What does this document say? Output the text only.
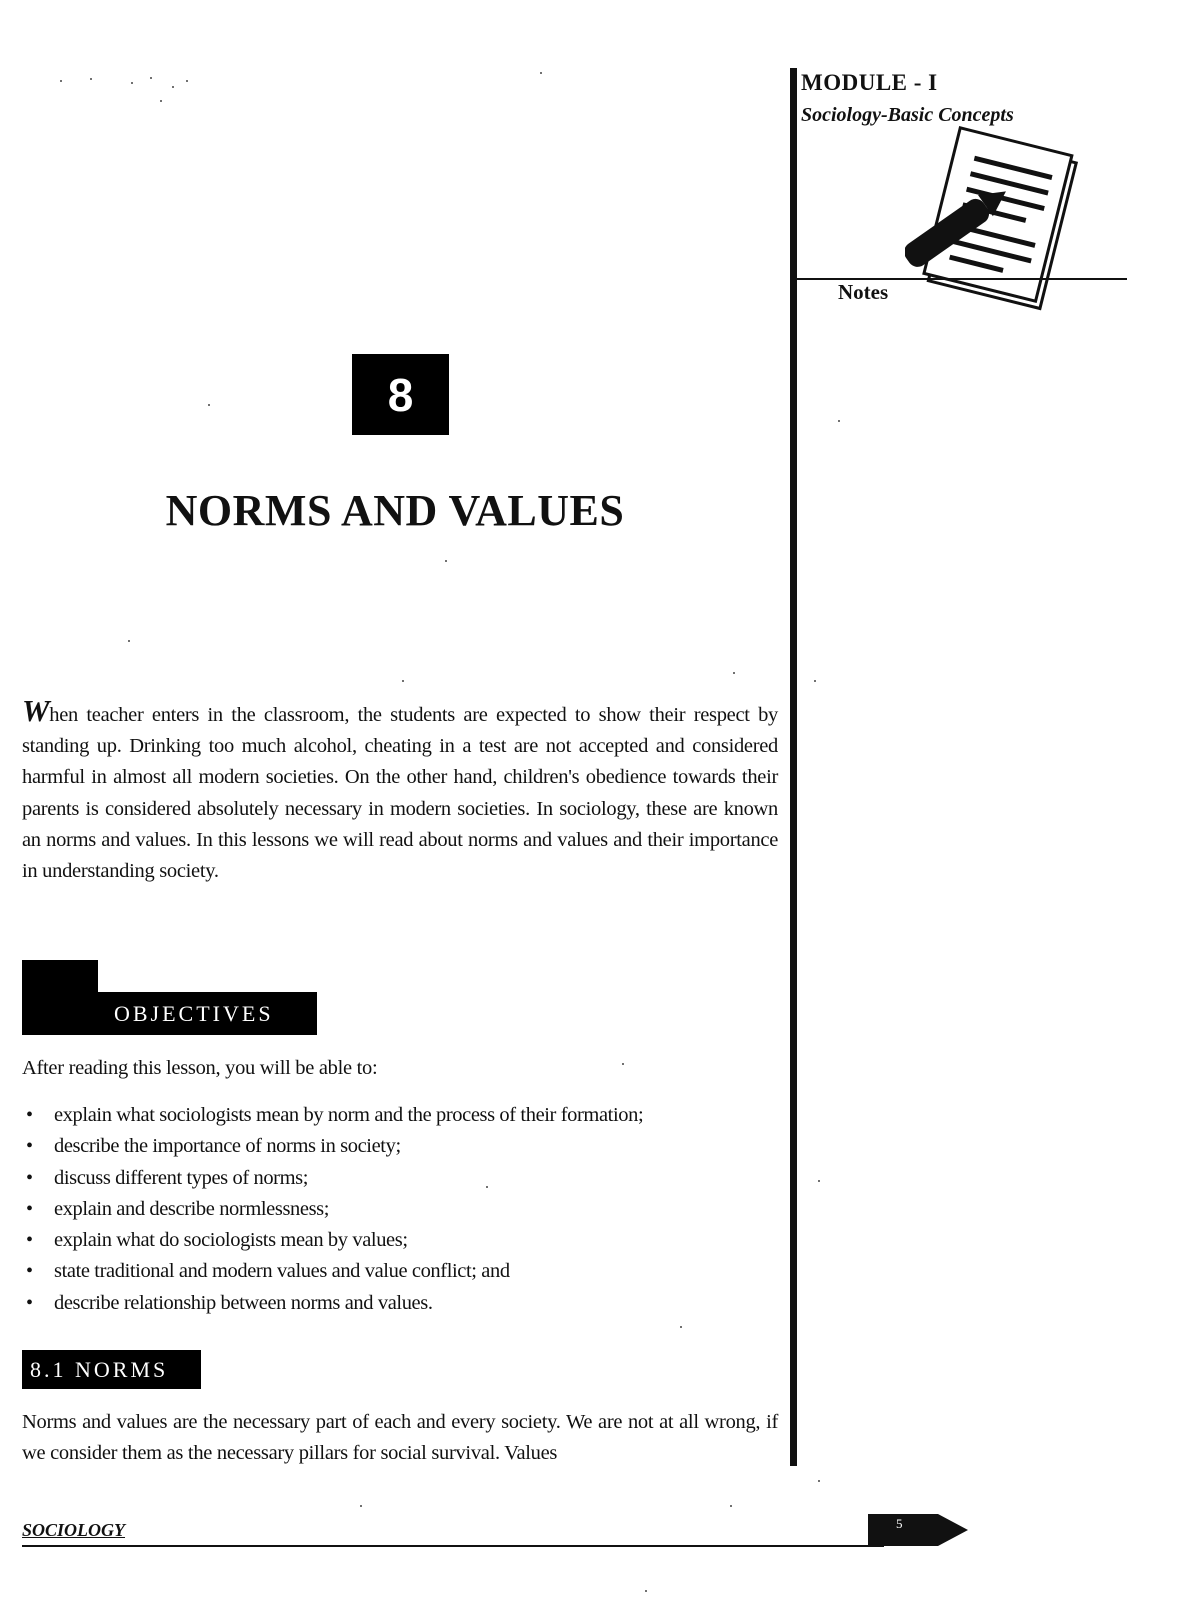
MODULE - I
Sociology-Basic Concepts
Notes
8
NORMS AND VALUES
When teacher enters in the classroom, the students are expected to show their respect by standing up. Drinking too much alcohol, cheating in a test are not accepted and considered harmful in almost all modern societies. On the other hand, children's obedience towards their parents is considered absolutely necessary in modern societies. In sociology, these are known an norms and values. In this lessons we will read about norms and values and their importance in understanding society.
OBJECTIVES
After reading this lesson, you will be able to:
• explain what sociologists mean by norm and the process of their formation;
• describe the importance of norms in society;
• discuss different types of norms;
• explain and describe normlessness;
• explain what do sociologists mean by values;
• state traditional and modern values and value conflict; and
• describe relationship between norms and values.
8.1 NORMS
Norms and values are the necessary part of each and every society. We are not at all wrong, if we consider them as the necessary pillars for social survival. Values
SOCIOLOGY	5
